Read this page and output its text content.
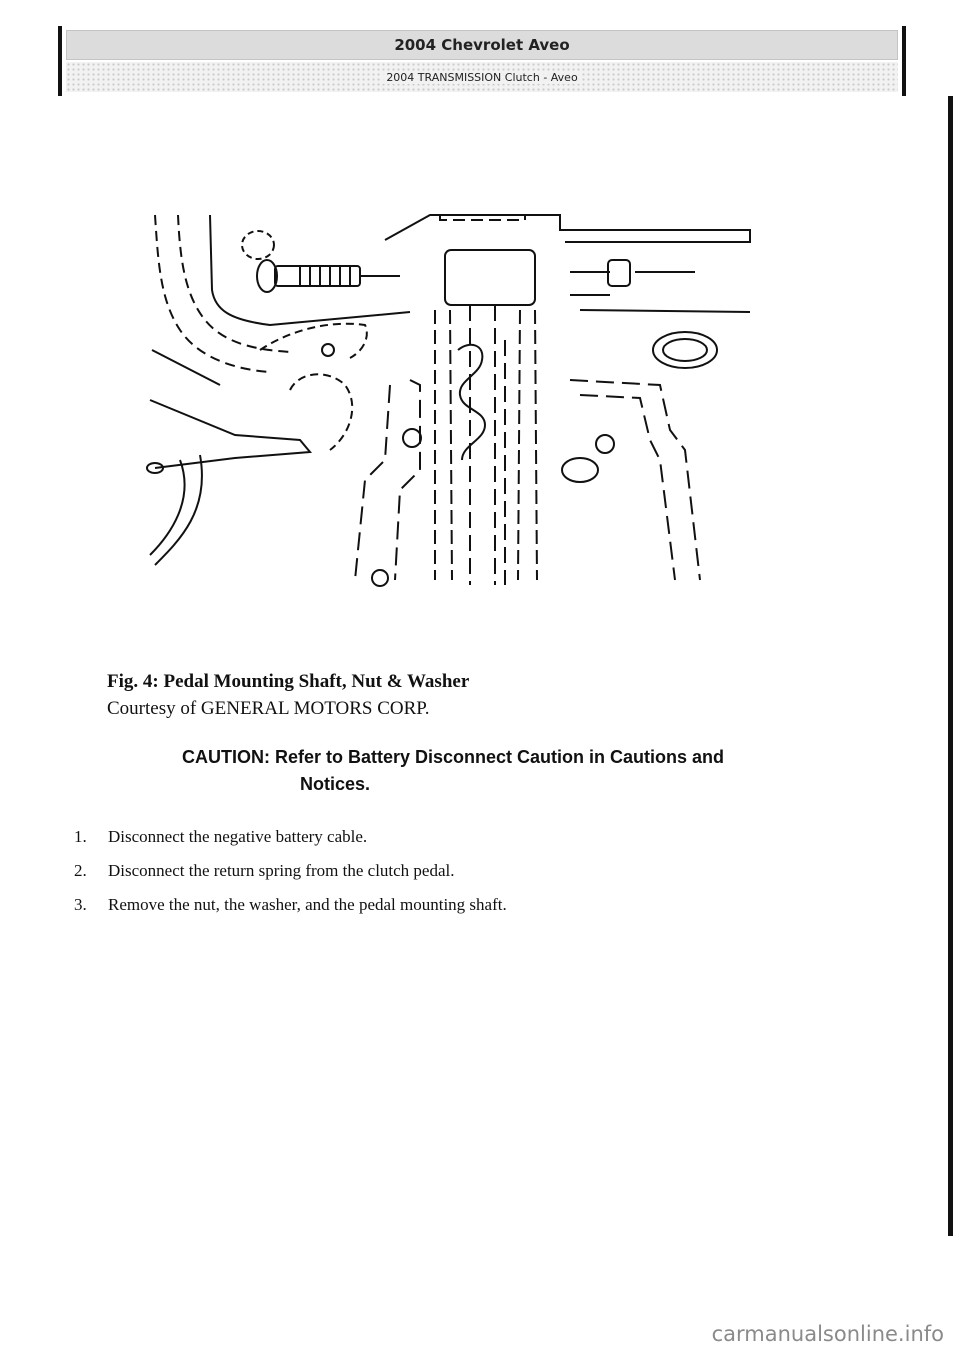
2004 Chevrolet Aveo
2004 TRANSMISSION Clutch - Aveo
Fig. 4: Pedal Mounting Shaft, Nut & Washer
Courtesy of GENERAL MOTORS CORP.
CAUTION: Refer to Battery Disconnect Caution in Cautions and
Notices.
1.	Disconnect the negative battery cable.
2.	Disconnect the return spring from the clutch pedal.
3.	Remove the nut, the washer, and the pedal mounting shaft.
carmanualsonline.info
